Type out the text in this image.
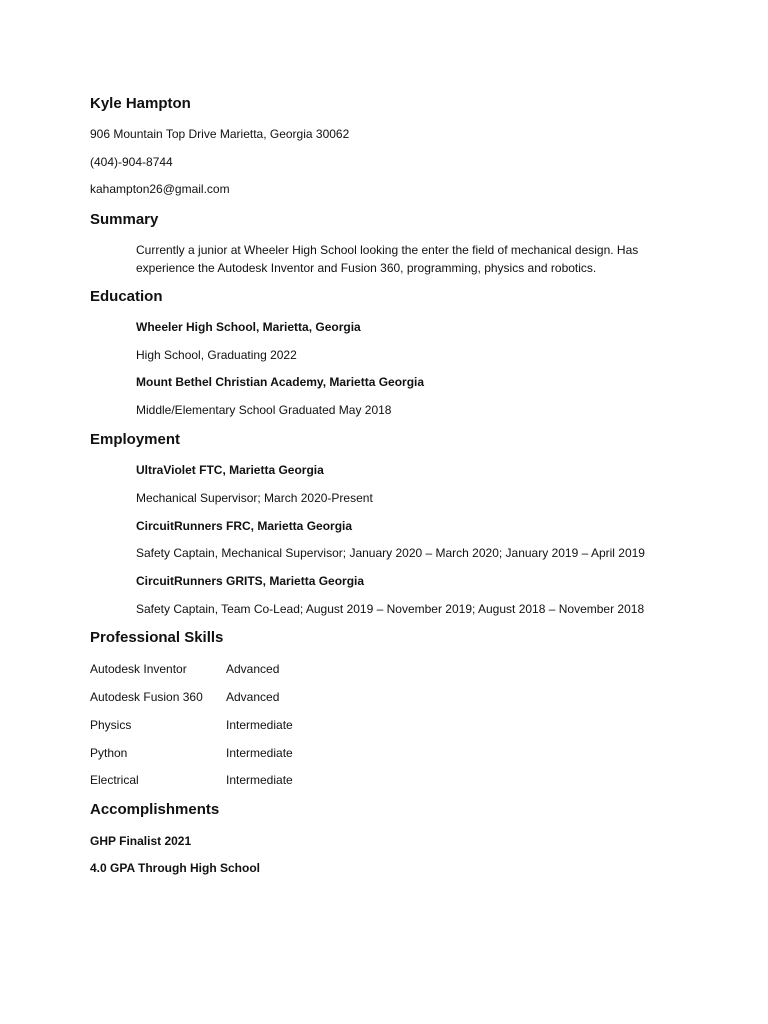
Kyle Hampton
906 Mountain Top Drive Marietta, Georgia 30062
(404)-904-8744
kahampton26@gmail.com
Summary
Currently a junior at Wheeler High School looking the enter the field of mechanical design. Has experience the Autodesk Inventor and Fusion 360, programming, physics and robotics.
Education
Wheeler High School, Marietta, Georgia
High School, Graduating 2022
Mount Bethel Christian Academy, Marietta Georgia
Middle/Elementary School Graduated May 2018
Employment
UltraViolet FTC, Marietta Georgia
Mechanical Supervisor; March 2020-Present
CircuitRunners FRC, Marietta Georgia
Safety Captain, Mechanical Supervisor; January 2020 – March 2020; January 2019 – April 2019
CircuitRunners GRITS, Marietta Georgia
Safety Captain, Team Co-Lead; August 2019 – November 2019; August 2018 – November 2018
Professional Skills
Autodesk Inventor	Advanced
Autodesk Fusion 360 Advanced
Physics	Intermediate
Python	Intermediate
Electrical	Intermediate
Accomplishments
GHP Finalist 2021
4.0 GPA Through High School
